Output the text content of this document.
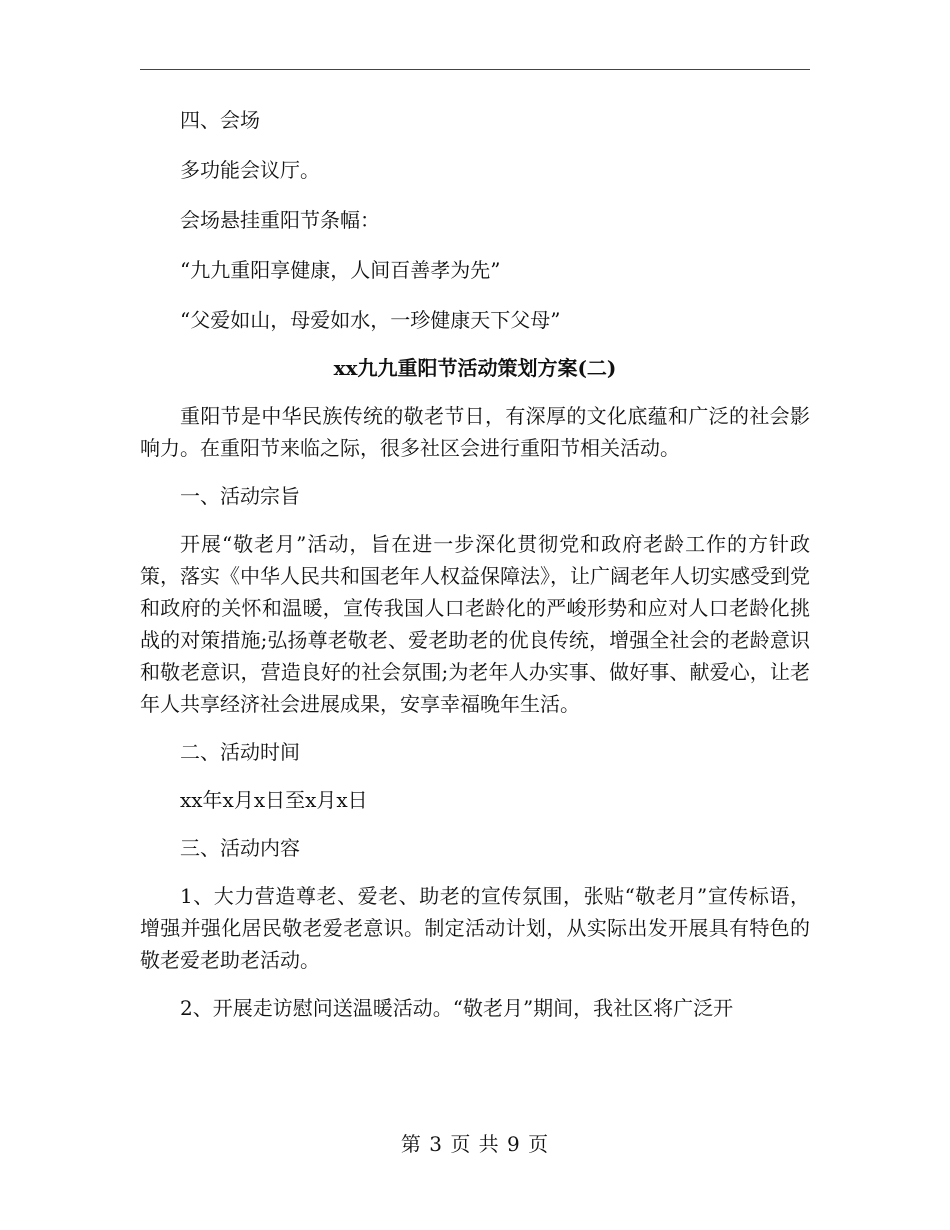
四、会场

多功能会议厅。

会场悬挂重阳节条幅：

“九九重阳享健康，人间百善孝为先”

“父爱如山，母爱如水，一珍健康天下父母”

xx九九重阳节活动策划方案(二)

重阳节是中华民族传统的敬老节日，有深厚的文化底蕴和广泛的社会影响力。在重阳节来临之际，很多社区会进行重阳节相关活动。

一、活动宗旨

开展“敬老月”活动，旨在进一步深化贯彻党和政府老龄工作的方针政策，落实《中华人民共和国老年人权益保障法》，让广阔老年人切实感受到党和政府的关怀和温暖，宣传我国人口老龄化的严峻形势和应对人口老龄化挑战的对策措施;弘扬尊老敬老、爱老助老的优良传统，增强全社会的老龄意识和敬老意识，营造良好的社会氛围;为老年人办实事、做好事、献爱心，让老年人共享经济社会进展成果，安享幸福晚年生活。

二、活动时间

xx年x月x日至x月x日

三、活动内容

1、大力营造尊老、爱老、助老的宣传氛围，张贴“敬老月”宣传标语，增强并强化居民敬老爱老意识。制定活动计划，从实际出发开展具有特色的敬老爱老助老活动。

2、开展走访慰问送温暖活动。“敬老月”期间，我社区将广泛开

第 3 页 共 9 页
